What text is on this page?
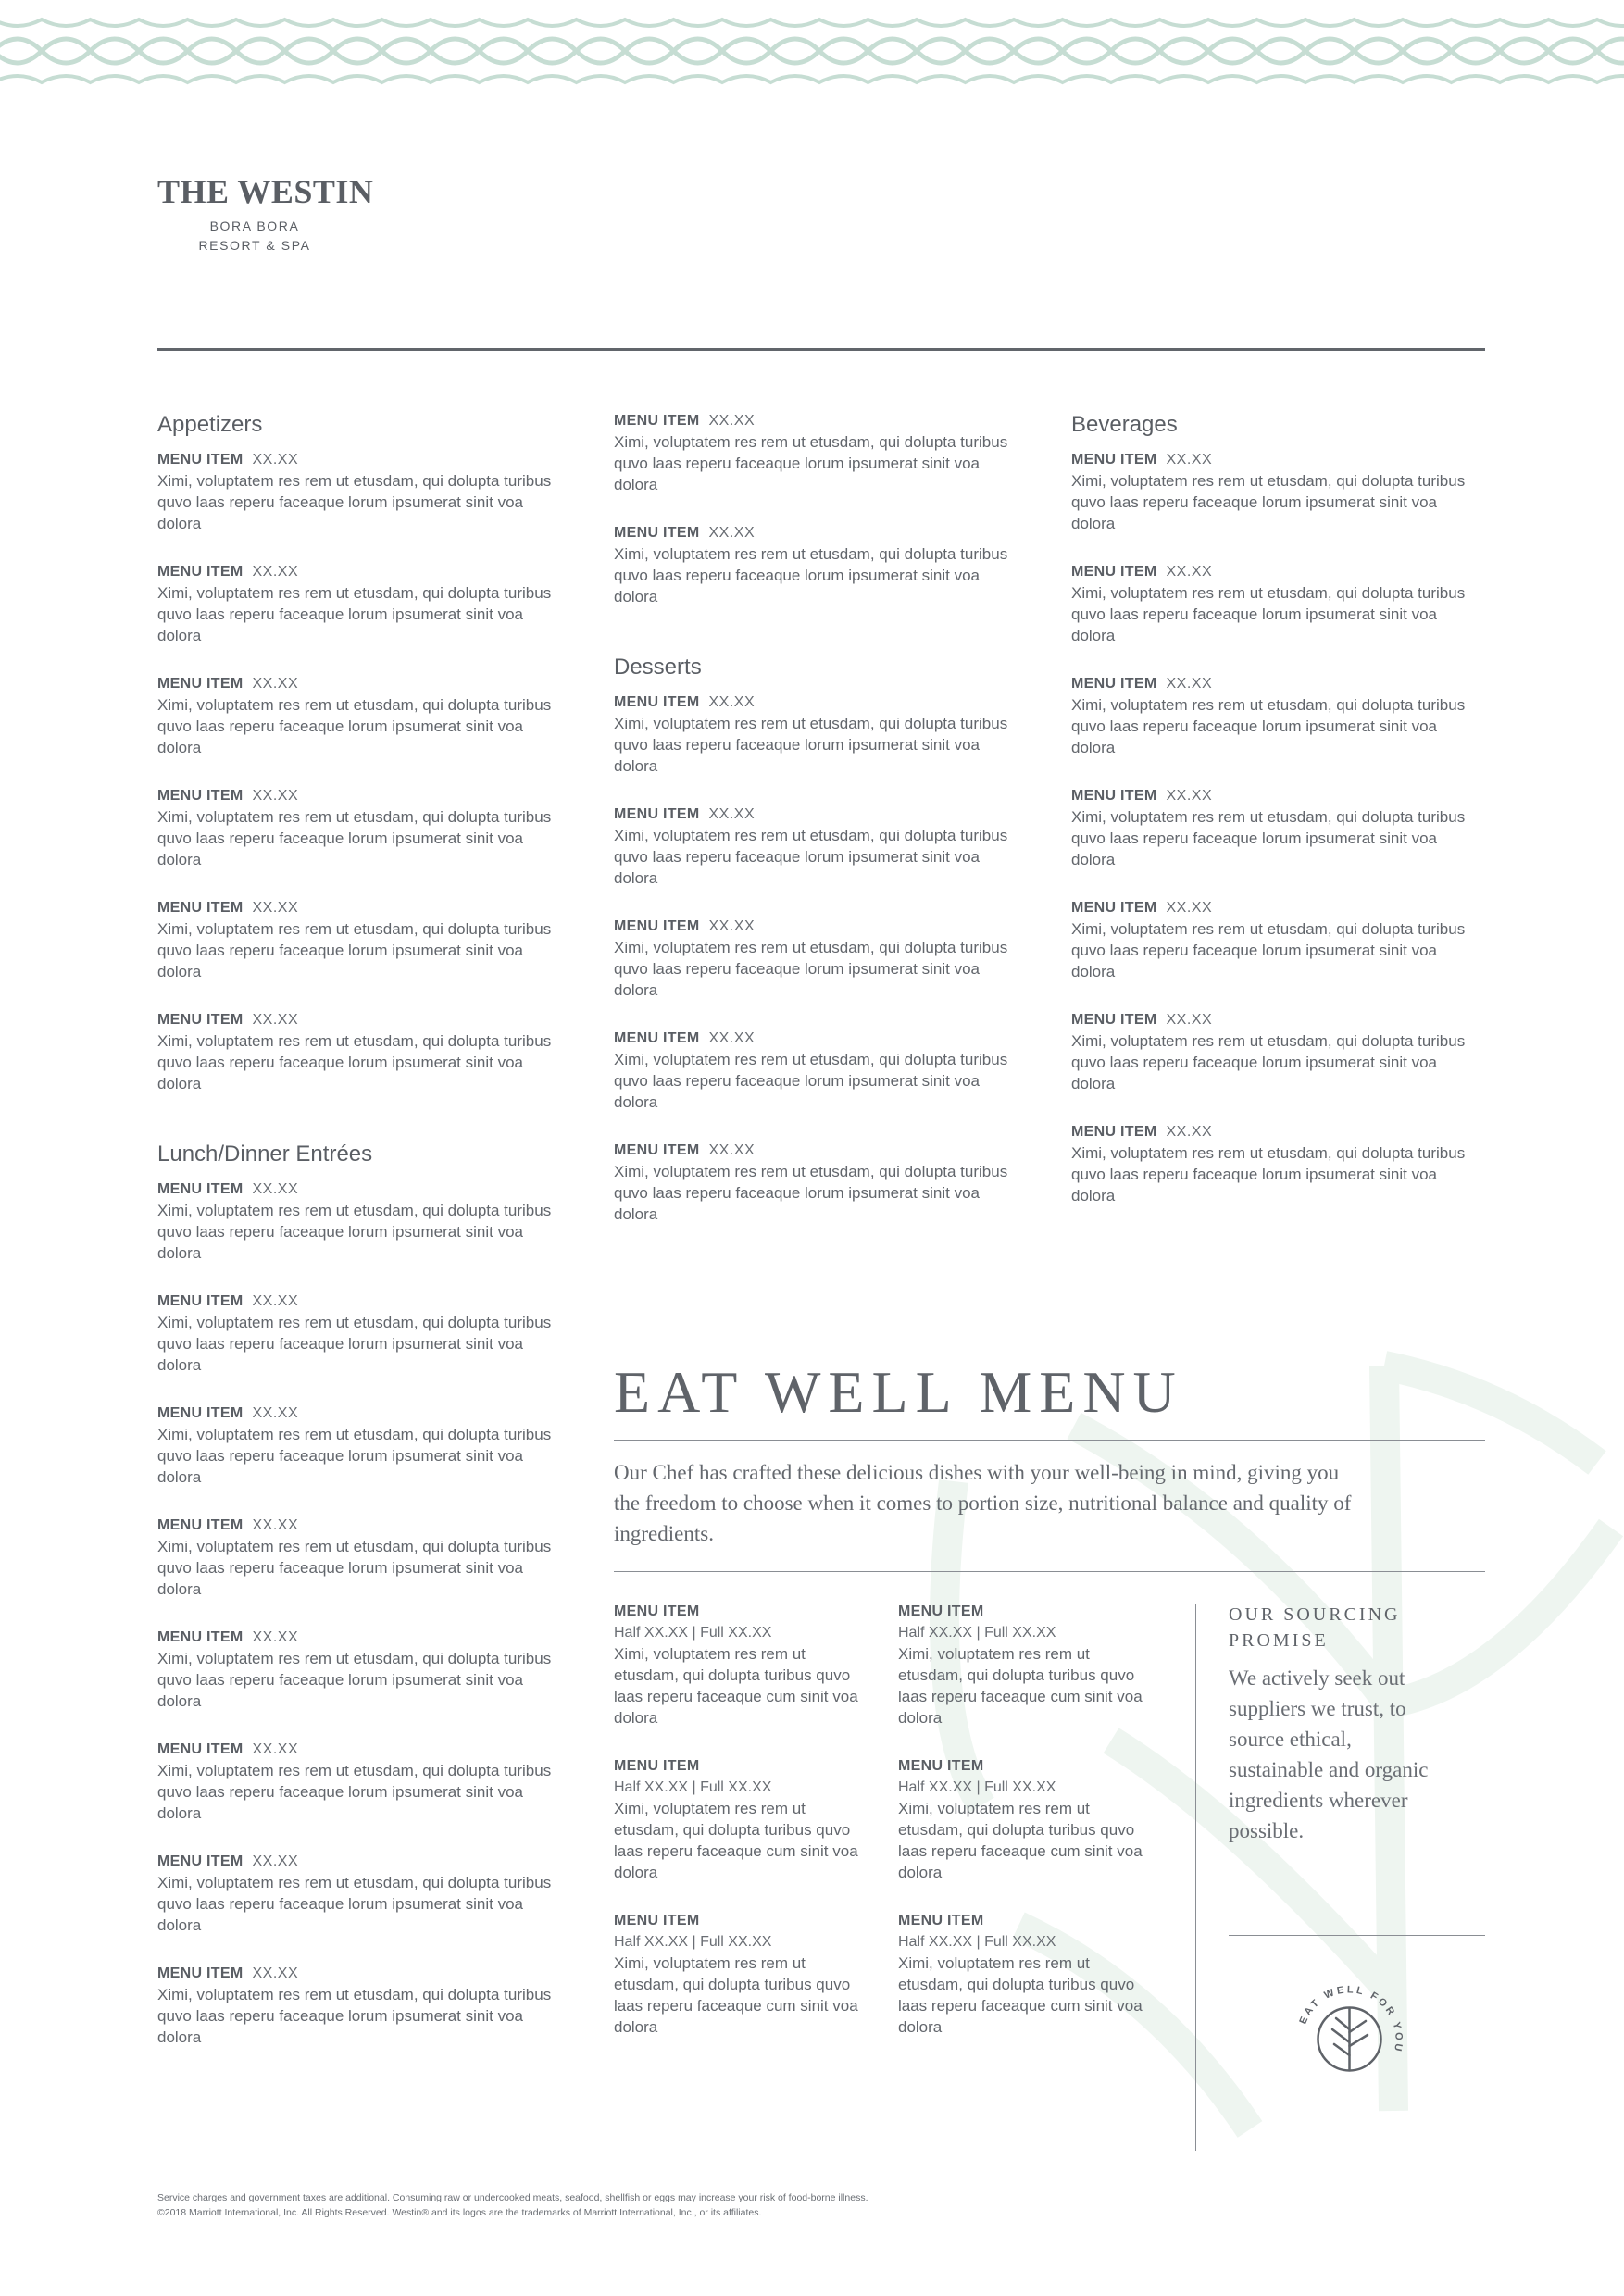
THE WESTIN
BORA BORA
RESORT & SPA
Appetizers
MENU ITEM XX.XX
Ximi, voluptatem res rem ut etusdam, qui dolupta turibus quvo laas reperu faceaque lorum ipsumerat sinit voa dolora
MENU ITEM XX.XX
Ximi, voluptatem res rem ut etusdam, qui dolupta turibus quvo laas reperu faceaque lorum ipsumerat sinit voa dolora
MENU ITEM XX.XX
Ximi, voluptatem res rem ut etusdam, qui dolupta turibus quvo laas reperu faceaque lorum ipsumerat sinit voa dolora
MENU ITEM XX.XX
Ximi, voluptatem res rem ut etusdam, qui dolupta turibus quvo laas reperu faceaque lorum ipsumerat sinit voa dolora
MENU ITEM XX.XX
Ximi, voluptatem res rem ut etusdam, qui dolupta turibus quvo laas reperu faceaque lorum ipsumerat sinit voa dolora
MENU ITEM XX.XX
Ximi, voluptatem res rem ut etusdam, qui dolupta turibus quvo laas reperu faceaque lorum ipsumerat sinit voa dolora
Lunch/Dinner Entrées
MENU ITEM XX.XX
Ximi, voluptatem res rem ut etusdam, qui dolupta turibus quvo laas reperu faceaque lorum ipsumerat sinit voa dolora
MENU ITEM XX.XX
Ximi, voluptatem res rem ut etusdam, qui dolupta turibus quvo laas reperu faceaque lorum ipsumerat sinit voa dolora
MENU ITEM XX.XX
Ximi, voluptatem res rem ut etusdam, qui dolupta turibus quvo laas reperu faceaque lorum ipsumerat sinit voa dolora
MENU ITEM XX.XX
Ximi, voluptatem res rem ut etusdam, qui dolupta turibus quvo laas reperu faceaque lorum ipsumerat sinit voa dolora
MENU ITEM XX.XX
Ximi, voluptatem res rem ut etusdam, qui dolupta turibus quvo laas reperu faceaque lorum ipsumerat sinit voa dolora
MENU ITEM XX.XX
Ximi, voluptatem res rem ut etusdam, qui dolupta turibus quvo laas reperu faceaque lorum ipsumerat sinit voa dolora
MENU ITEM XX.XX
Ximi, voluptatem res rem ut etusdam, qui dolupta turibus quvo laas reperu faceaque lorum ipsumerat sinit voa dolora
MENU ITEM XX.XX
Ximi, voluptatem res rem ut etusdam, qui dolupta turibus quvo laas reperu faceaque lorum ipsumerat sinit voa dolora
MENU ITEM XX.XX
Ximi, voluptatem res rem ut etusdam, qui dolupta turibus quvo laas reperu faceaque lorum ipsumerat sinit voa dolora
MENU ITEM XX.XX
Ximi, voluptatem res rem ut etusdam, qui dolupta turibus quvo laas reperu faceaque lorum ipsumerat sinit voa dolora
Desserts
MENU ITEM XX.XX
Ximi, voluptatem res rem ut etusdam, qui dolupta turibus quvo laas reperu faceaque lorum ipsumerat sinit voa dolora
MENU ITEM XX.XX
Ximi, voluptatem res rem ut etusdam, qui dolupta turibus quvo laas reperu faceaque lorum ipsumerat sinit voa dolora
MENU ITEM XX.XX
Ximi, voluptatem res rem ut etusdam, qui dolupta turibus quvo laas reperu faceaque lorum ipsumerat sinit voa dolora
MENU ITEM XX.XX
Ximi, voluptatem res rem ut etusdam, qui dolupta turibus quvo laas reperu faceaque lorum ipsumerat sinit voa dolora
MENU ITEM XX.XX
Ximi, voluptatem res rem ut etusdam, qui dolupta turibus quvo laas reperu faceaque lorum ipsumerat sinit voa dolora
Beverages
MENU ITEM XX.XX
Ximi, voluptatem res rem ut etusdam, qui dolupta turibus quvo laas reperu faceaque lorum ipsumerat sinit voa dolora
MENU ITEM XX.XX
Ximi, voluptatem res rem ut etusdam, qui dolupta turibus quvo laas reperu faceaque lorum ipsumerat sinit voa dolora
MENU ITEM XX.XX
Ximi, voluptatem res rem ut etusdam, qui dolupta turibus quvo laas reperu faceaque lorum ipsumerat sinit voa dolora
MENU ITEM XX.XX
Ximi, voluptatem res rem ut etusdam, qui dolupta turibus quvo laas reperu faceaque lorum ipsumerat sinit voa dolora
MENU ITEM XX.XX
Ximi, voluptatem res rem ut etusdam, qui dolupta turibus quvo laas reperu faceaque lorum ipsumerat sinit voa dolora
MENU ITEM XX.XX
Ximi, voluptatem res rem ut etusdam, qui dolupta turibus quvo laas reperu faceaque lorum ipsumerat sinit voa dolora
MENU ITEM XX.XX
Ximi, voluptatem res rem ut etusdam, qui dolupta turibus quvo laas reperu faceaque lorum ipsumerat sinit voa dolora
EAT WELL MENU
Our Chef has crafted these delicious dishes with your well-being in mind, giving you the freedom to choose when it comes to portion size, nutritional balance and quality of ingredients.
MENU ITEM
Half XX.XX | Full XX.XX
Ximi, voluptatem res rem ut etusdam, qui dolupta turibus quvo laas reperu faceaque cum sinit voa dolora
MENU ITEM
Half XX.XX | Full XX.XX
Ximi, voluptatem res rem ut etusdam, qui dolupta turibus quvo laas reperu faceaque cum sinit voa dolora
MENU ITEM
Half XX.XX | Full XX.XX
Ximi, voluptatem res rem ut etusdam, qui dolupta turibus quvo laas reperu faceaque cum sinit voa dolora
MENU ITEM
Half XX.XX | Full XX.XX
Ximi, voluptatem res rem ut etusdam, qui dolupta turibus quvo laas reperu faceaque cum sinit voa dolora
MENU ITEM
Half XX.XX | Full XX.XX
Ximi, voluptatem res rem ut etusdam, qui dolupta turibus quvo laas reperu faceaque cum sinit voa dolora
MENU ITEM
Half XX.XX | Full XX.XX
Ximi, voluptatem res rem ut etusdam, qui dolupta turibus quvo laas reperu faceaque cum sinit voa dolora
OUR SOURCING PROMISE
We actively seek out suppliers we trust, to source ethical, sustainable and organic ingredients wherever possible.
EAT WELL FOR YOU
Service charges and government taxes are additional. Consuming raw or undercooked meats, seafood, shellfish or eggs may increase your risk of food-borne illness.
©2018 Marriott International, Inc. All Rights Reserved. Westin® and its logos are the trademarks of Marriott International, Inc., or its affiliates.
